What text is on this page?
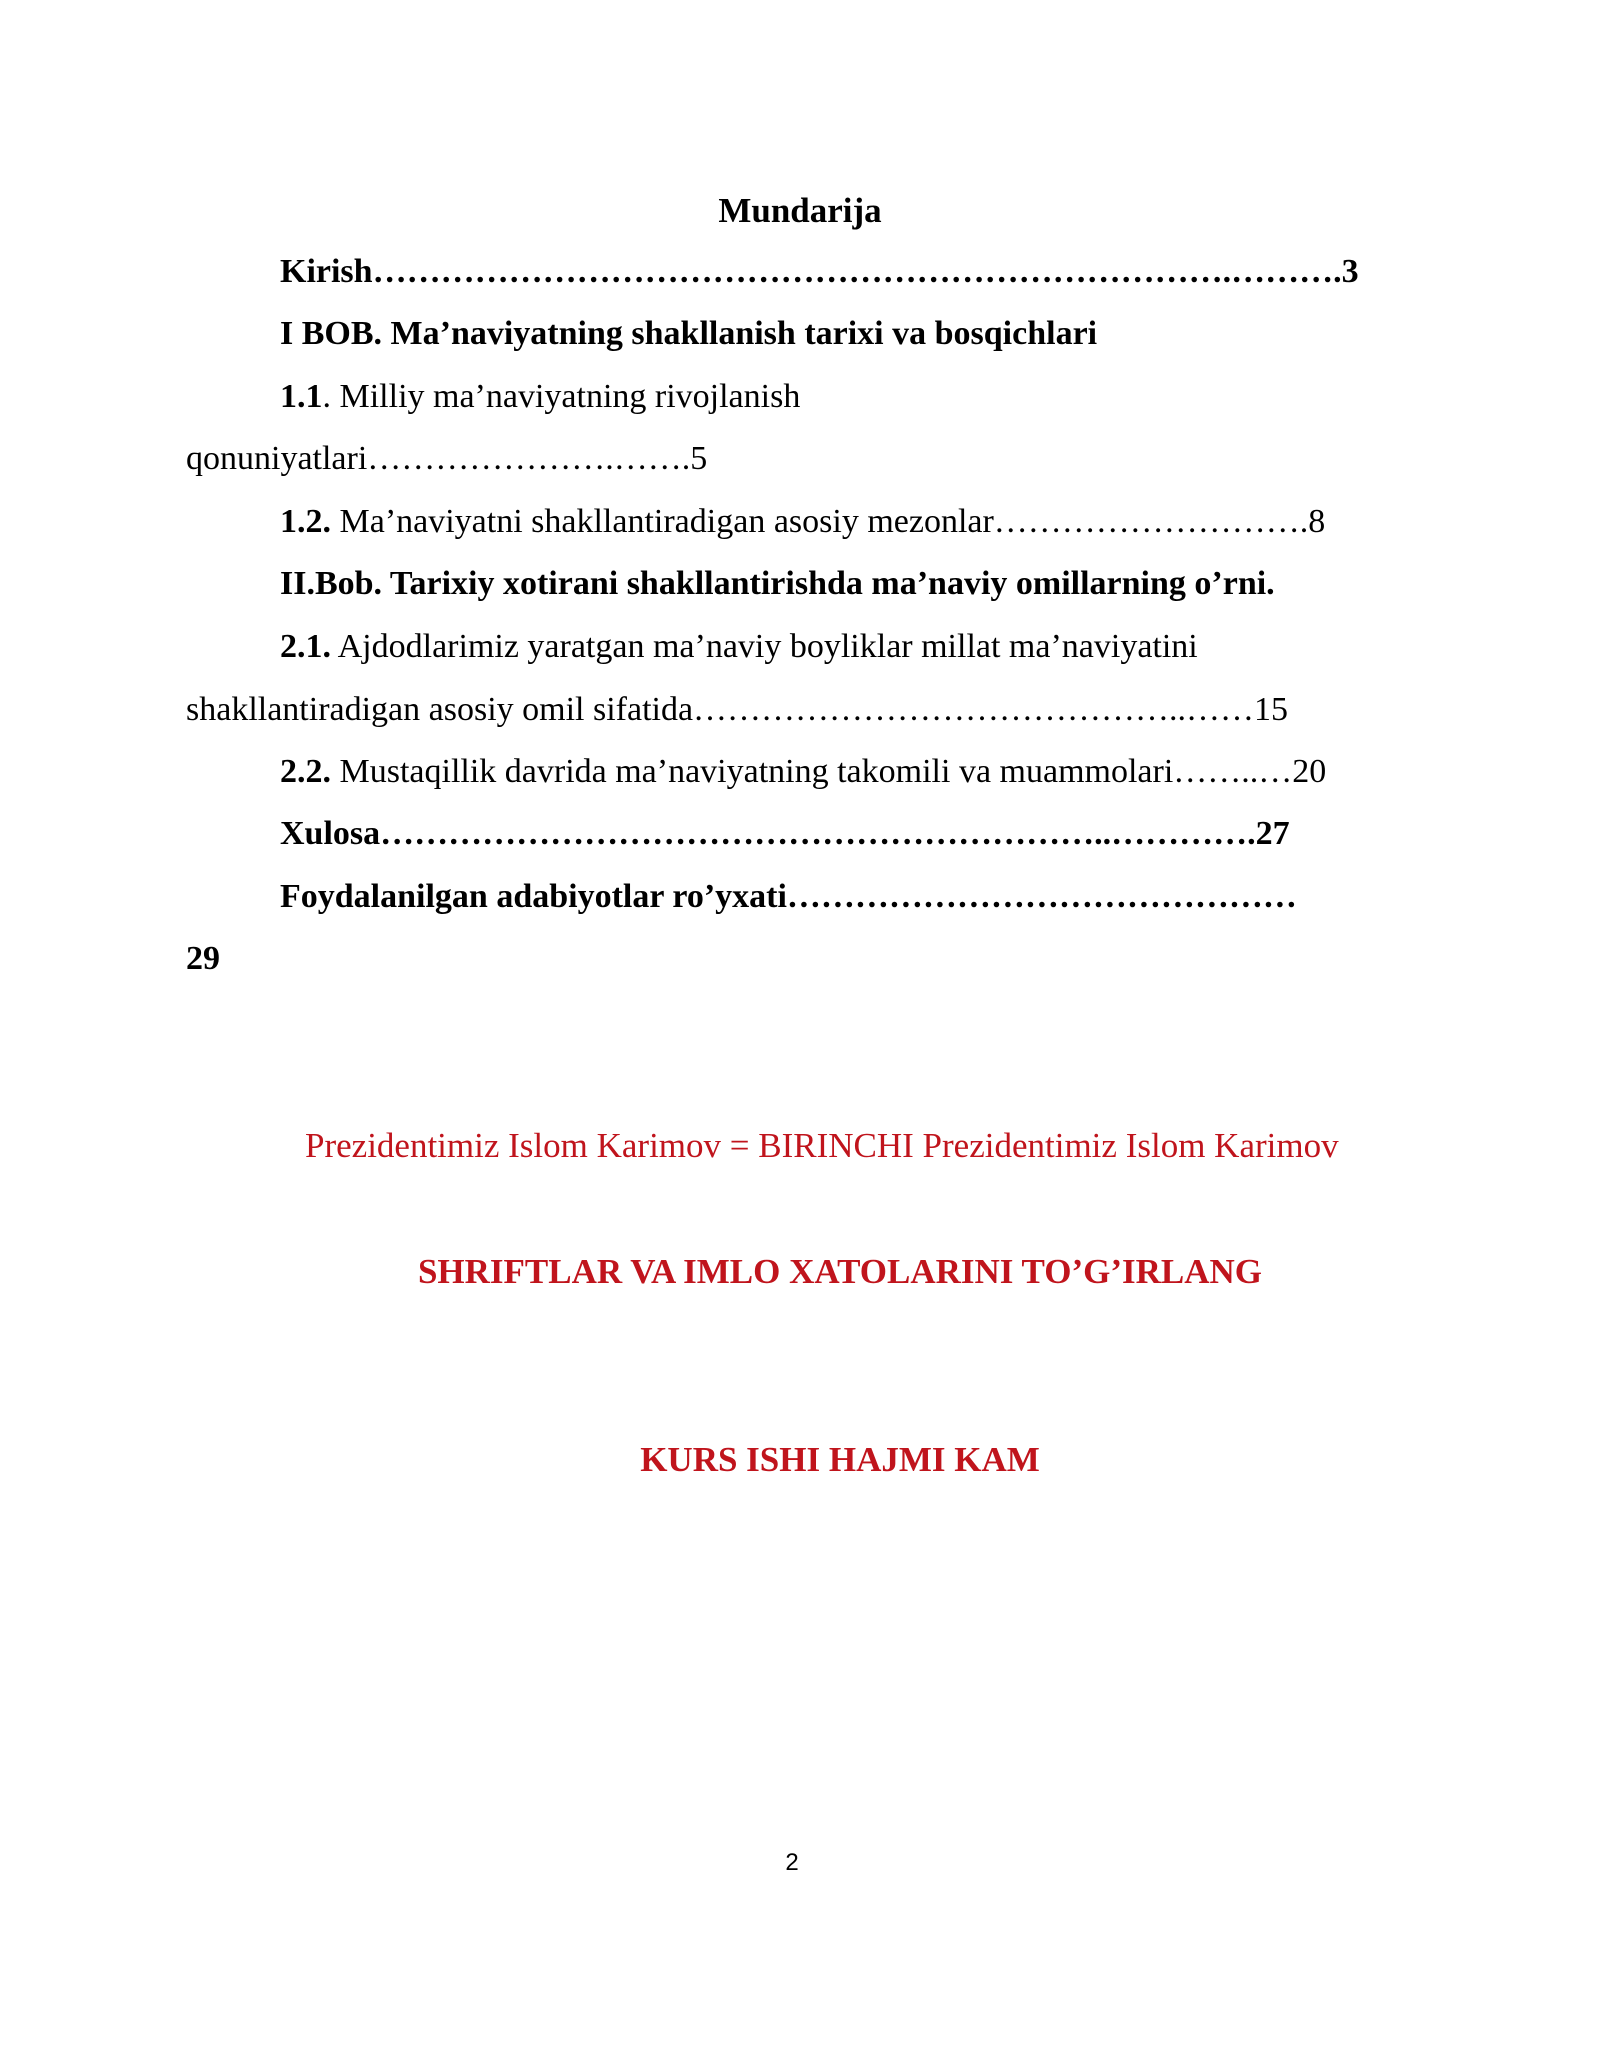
Mundarija
Kirish………………………………………………………………….……….3
I BOB. Ma’naviyatning shakllanish tarixi va bosqichlari
1.1. Milliy ma’naviyatning rivojlanish
qonuniyatlari………………….…….5
1.2. Ma’naviyatni shakllantiradigan asosiy mezonlar……………………….8
II.Bob. Tarixiy xotirani shakllantirishda ma’naviy omillarning o’rni.
2.1. Ajdodlarimiz yaratgan ma’naviy boyliklar millat ma’naviyatini
shakllantiradigan asosiy omil sifatida……………………………………..……15
2.2. Mustaqillik davrida ma’naviyatning takomili va muammolari……..…20
Xulosa………………………………………………………..………….27
Foydalanilgan adabiyotlar ro’yxati………………………………………
29
Prezidentimiz Islom Karimov = BIRINCHI Prezidentimiz Islom Karimov
SHRIFTLAR VA IMLO XATOLARINI TO’G’IRLANG
KURS ISHI HAJMI KAM
2
